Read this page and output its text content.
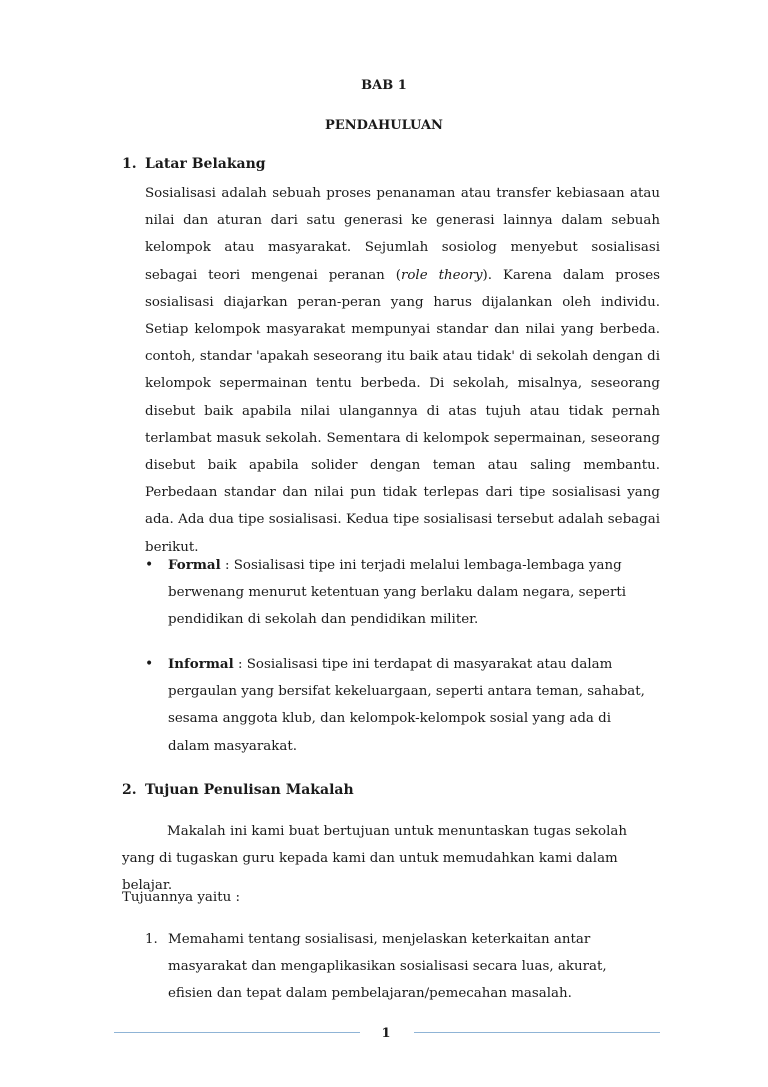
BAB 1
PENDAHULUAN
1. Latar Belakang
Sosialisasi adalah sebuah proses penanaman atau transfer kebiasaan atau nilai dan aturan dari satu generasi ke generasi lainnya dalam sebuah kelompok atau masyarakat. Sejumlah sosiolog menyebut sosialisasi sebagai teori mengenai peranan (role theory). Karena dalam proses sosialisasi diajarkan peran-peran yang harus dijalankan oleh individu. Setiap kelompok masyarakat mempunyai standar dan nilai yang berbeda. contoh, standar 'apakah seseorang itu baik atau tidak' di sekolah dengan di kelompok sepermainan tentu berbeda. Di sekolah, misalnya, seseorang disebut baik apabila nilai ulangannya di atas tujuh atau tidak pernah terlambat masuk sekolah. Sementara di kelompok sepermainan, seseorang disebut baik apabila solider dengan teman atau saling membantu. Perbedaan standar dan nilai pun tidak terlepas dari tipe sosialisasi yang ada. Ada dua tipe sosialisasi. Kedua tipe sosialisasi tersebut adalah sebagai berikut.
• Formal : Sosialisasi tipe ini terjadi melalui lembaga-lembaga yang berwenang menurut ketentuan yang berlaku dalam negara, seperti pendidikan di sekolah dan pendidikan militer.
• Informal : Sosialisasi tipe ini terdapat di masyarakat atau dalam pergaulan yang bersifat kekeluargaan, seperti antara teman, sahabat, sesama anggota klub, dan kelompok-kelompok sosial yang ada di dalam masyarakat.
2. Tujuan Penulisan Makalah
Makalah ini kami buat bertujuan untuk menuntaskan tugas sekolah yang di tugaskan guru kepada kami dan untuk memudahkan kami dalam belajar.
Tujuannya yaitu :
1. Memahami tentang sosialisasi, menjelaskan keterkaitan antar masyarakat dan mengaplikasikan sosialisasi secara luas, akurat, efisien dan tepat dalam pembelajaran/pemecahan masalah.
1
